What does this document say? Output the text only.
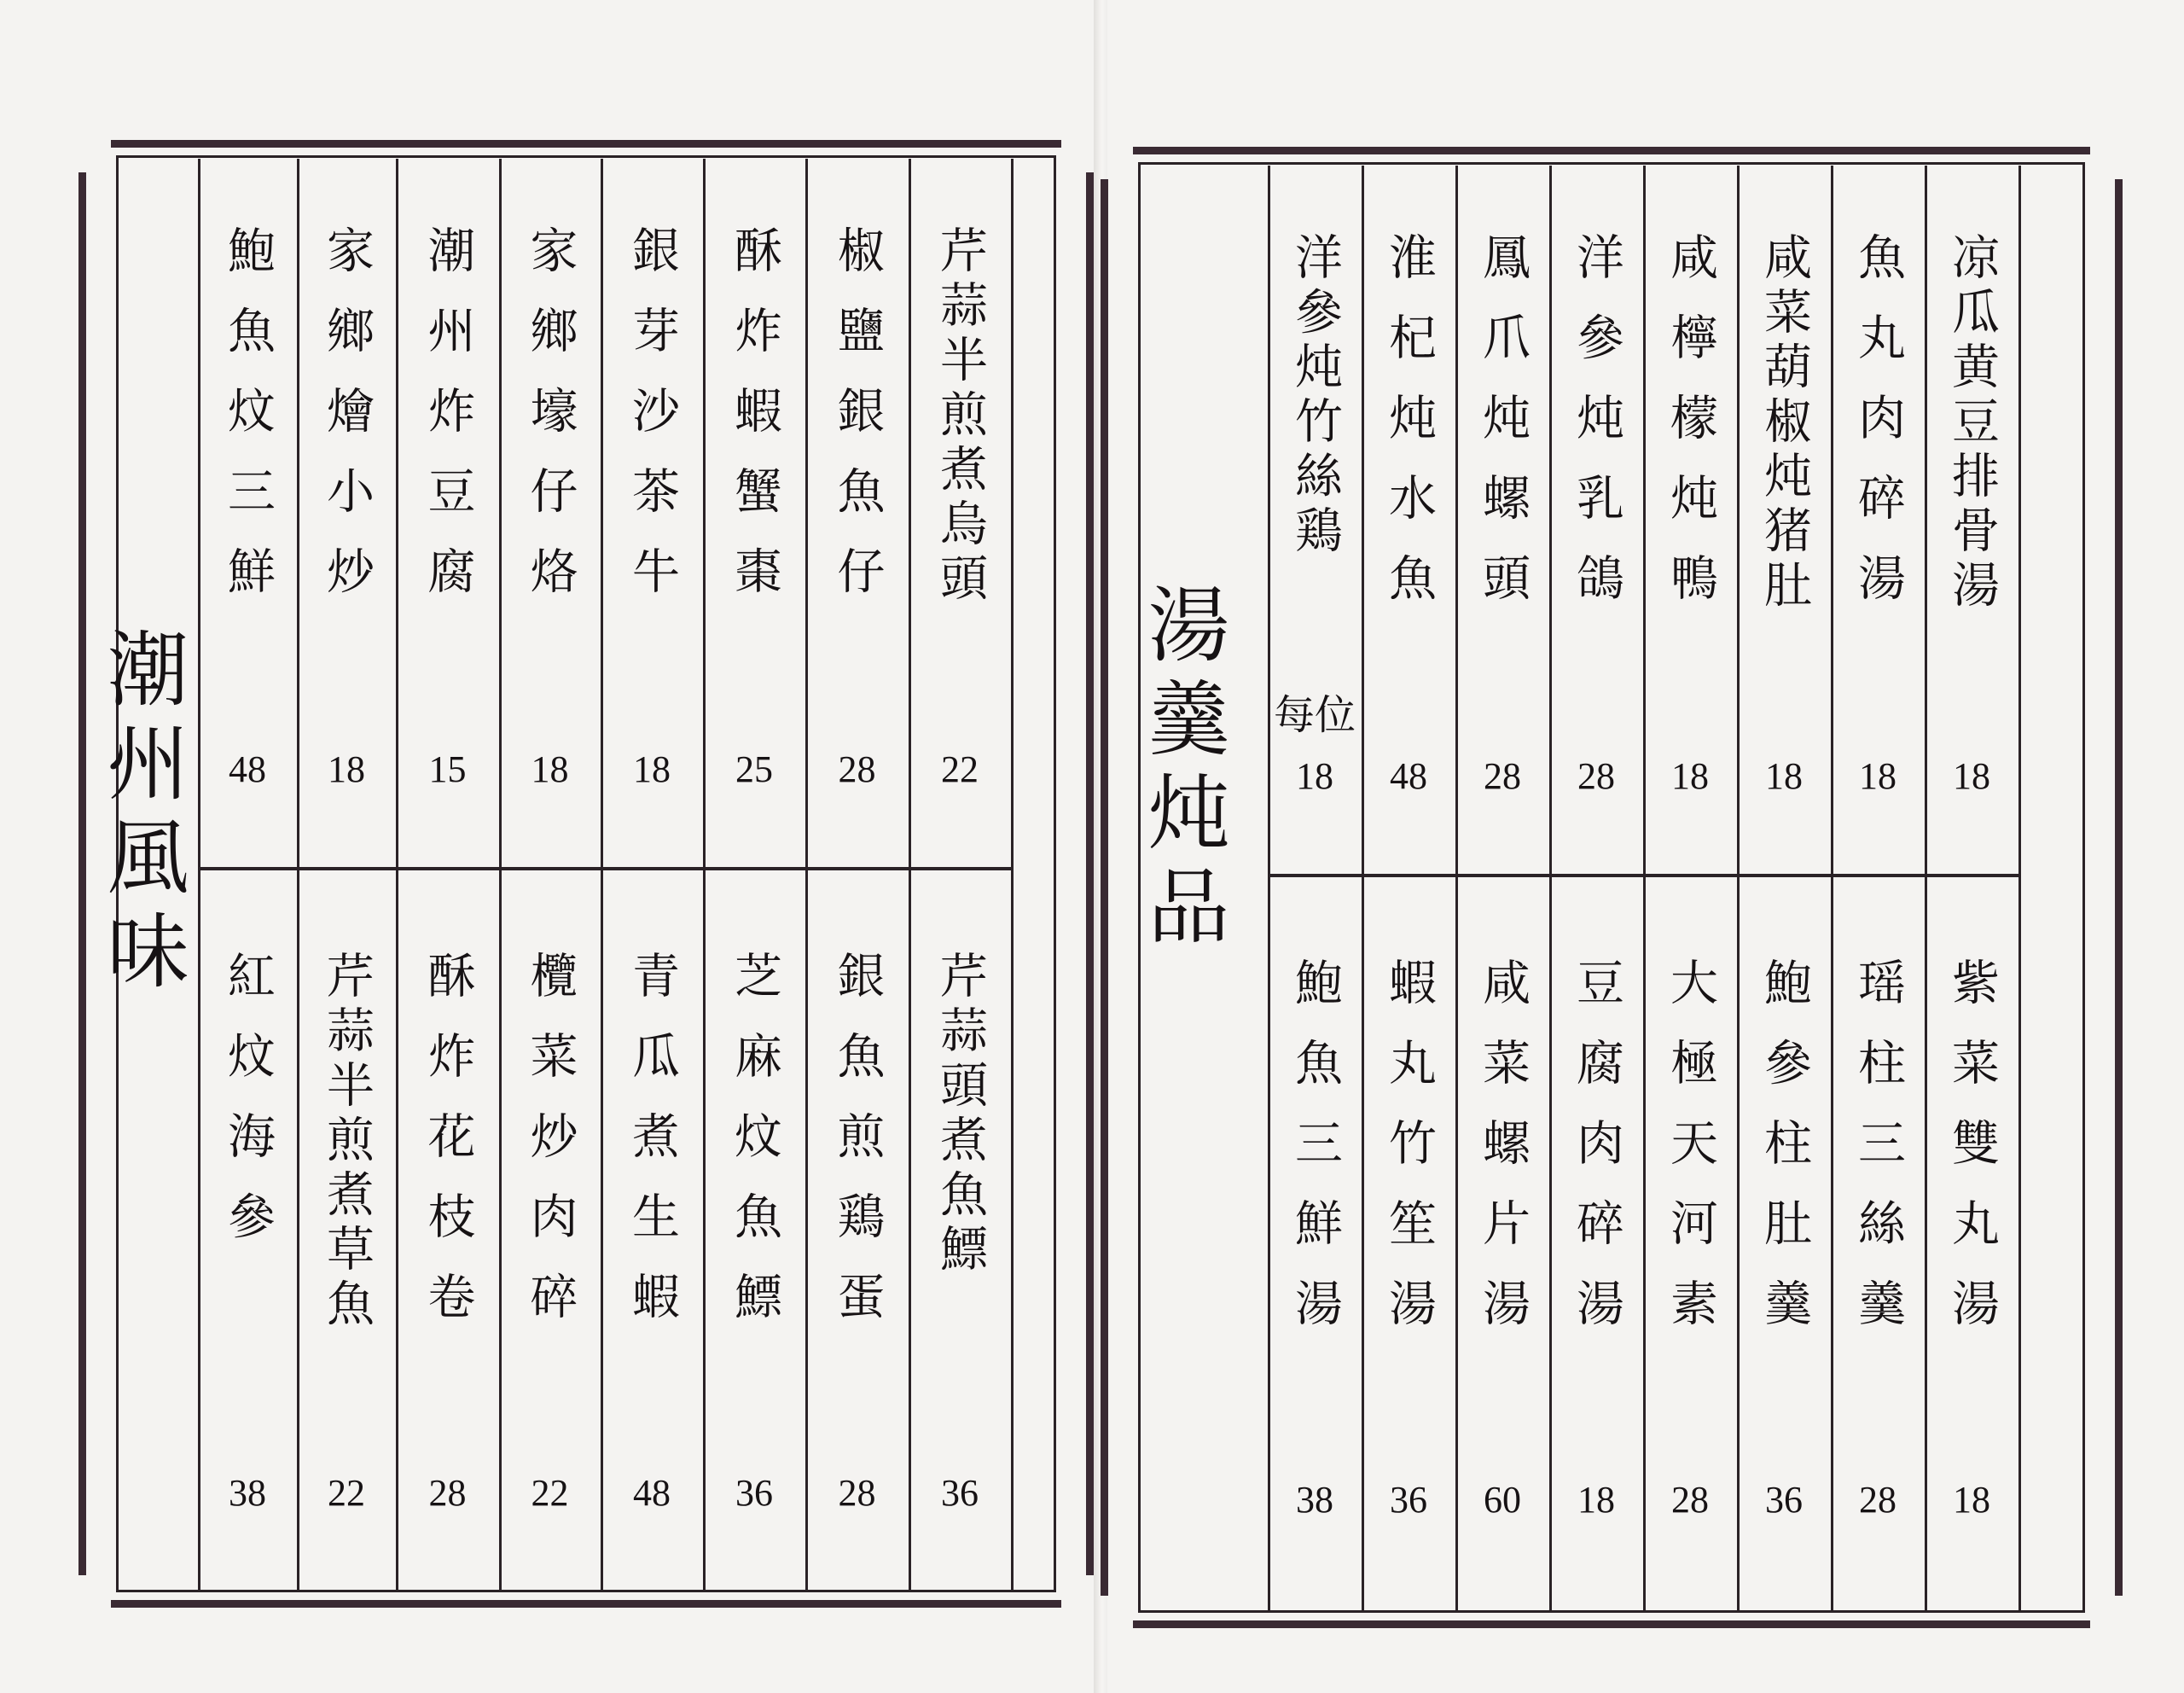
潮州風味
鮑魚炆三鮮
48
家鄉燴小炒
18
潮州炸豆腐
15
家鄉壕仔烙
18
銀芽沙茶牛
18
酥炸蝦蟹棗
25
椒鹽銀魚仔
28
芹蒜半煎煮烏頭
22
紅炆海參
38
芹蒜半煎煮草魚
22
酥炸花枝卷
28
欖菜炒肉碎
22
青瓜煮生蝦
48
芝麻炆魚鰾
36
銀魚煎鶏蛋
28
芹蒜頭煮魚鰾
36
湯羹炖品 每位
洋參炖竹絲鶏
18
淮杞炖水魚
48
鳳爪炖螺頭
28
洋參炖乳鴿
28
咸檸檬炖鴨
18
咸菜葫椒炖猪肚
18
魚丸肉碎湯
18
凉瓜黄豆排骨湯
18
鮑魚三鮮湯
38
蝦丸竹笙湯
36
咸菜螺片湯
60
豆腐肉碎湯
18
大極天河素
28
鮑參柱肚羹
36
瑶柱三絲羹
28
紫菜雙丸湯
18
